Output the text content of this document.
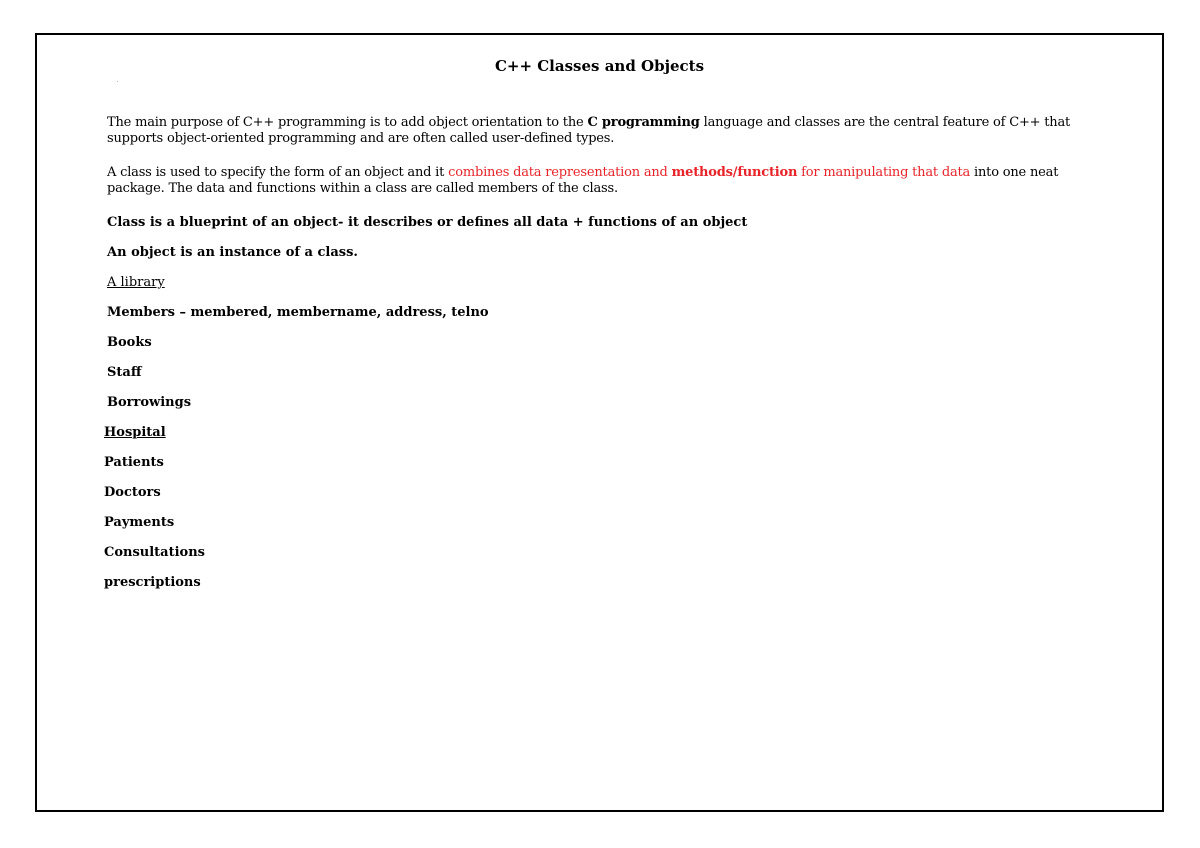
C++ Classes and Objects

The main purpose of C++ programming is to add object orientation to the C programming language and classes are the central feature of C++ that supports object-oriented programming and are often called user-defined types.

A class is used to specify the form of an object and it combines data representation and methods/function for manipulating that data into one neat package. The data and functions within a class are called members of the class.

Class is a blueprint of an object- it describes or defines all data + functions of an object

An object is an instance of a class.

A library

Members – membered, membername, address, telno

Books

Staff

Borrowings

Hospital

Patients

Doctors

Payments

Consultations

prescriptions
